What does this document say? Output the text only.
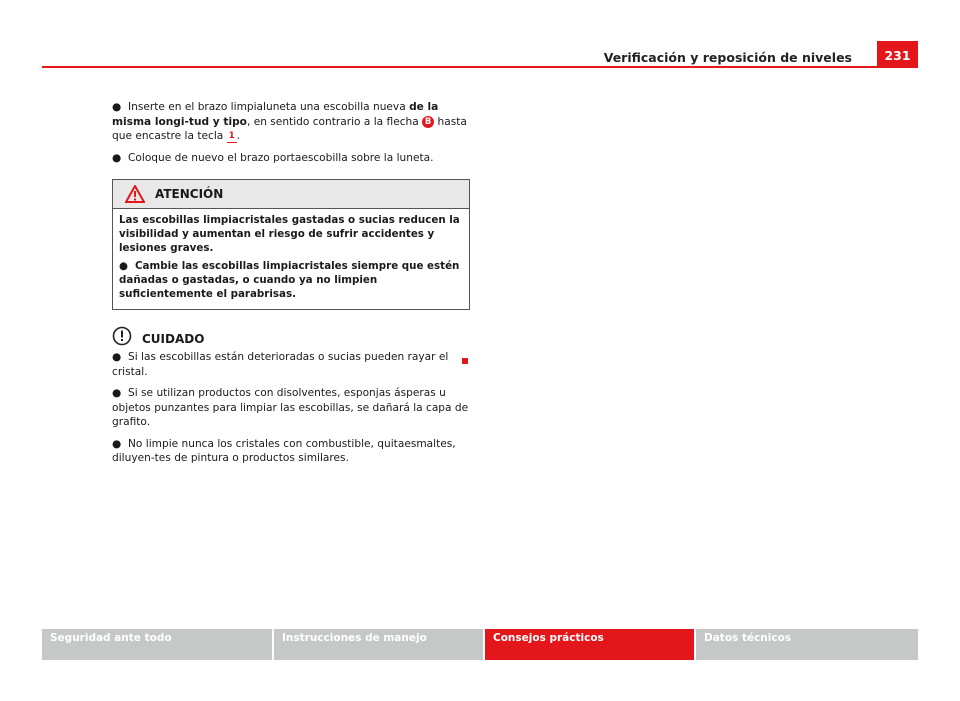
Verificación y reposición de niveles	231

● Inserte en el brazo limpialuneta una escobilla nueva de la misma longi-tud y tipo, en sentido contrario a la flecha B hasta que encastre la tecla 1 .

● Coloque de nuevo el brazo portaescobilla sobre la luneta.

ATENCIÓN

Las escobillas limpiacristales gastadas o sucias reducen la visibilidad y aumentan el riesgo de sufrir accidentes y lesiones graves.

● Cambie las escobillas limpiacristales siempre que estén dañadas o gastadas, o cuando ya no limpien suficientemente el parabrisas.

CUIDADO

● Si las escobillas están deterioradas o sucias pueden rayar el cristal.

● Si se utilizan productos con disolventes, esponjas ásperas u objetos punzantes para limpiar las escobillas, se dañará la capa de grafito.

● No limpie nunca los cristales con combustible, quitaesmaltes, diluyen-tes de pintura o productos similares.

Seguridad ante todo	Instrucciones de manejo	Consejos prácticos	Datos técnicos
